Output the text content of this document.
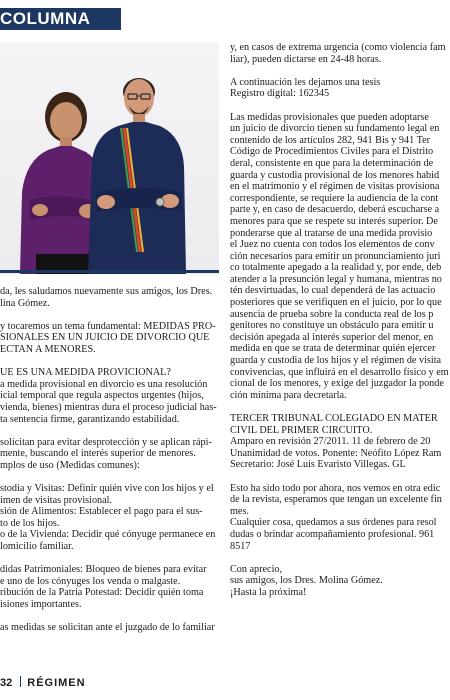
COLUMNA

da, les saludamos nuevamente sus amigos, los Dres.
lina Gómez.

y tocaremos un tema fundamental: MEDIDAS PRO-
SIONALES EN UN JUICIO DE DIVORCIO QUE
ECTAN A MENORES.

UE ES UNA MEDIDA PROVICIONAL?
a medida provisional en divorcio es una resolución
icial temporal que regula aspectos urgentes (hijos,
vienda, bienes) mientras dura el proceso judicial has-
ta sentencia firme, garantizando estabilidad.

solicitan para evitar desprotección y se aplican rápi-
mente, buscando el interés superior de menores.
mplos de uso (Medidas comunes):

stodia y Visitas: Definir quién vive con los hijos y el
imen de visitas provisional.
sión de Alimentos: Establecer el pago para el sus-
to de los hijos.
o de la Vivienda: Decidir qué cónyuge permanece en
lomicilio familiar.

didas Patrimoniales: Bloqueo de bienes para evitar
e uno de los cónyuges los venda o malgaste.
ribución de la Patria Potestad: Decidir quién toma
isiones importantes.

as medidas se solicitan ante el juzgado de lo familiar

y, en casos de extrema urgencia (como violencia fam
liar), pueden dictarse en 24-48 horas.

A continuación les dejamos una tesis
Registro digital: 162345

Las medidas provisionales que pueden adoptarse
un juicio de divorcio tienen su fundamento legal en
contenido de los artículos 282, 941 Bis y 941 Ter
Código de Procedimientos Civiles para el Distrito
deral, consistente en que para la determinación de
guarda y custodia provisional de los menores habid
en el matrimonio y el régimen de visitas provisiona
correspondiente, se requiere la audiencia de la cont
parte y, en caso de desacuerdo, deberá escucharse a
menores para que se respete su interés superior. De
ponderarse que al tratarse de una medida provisio
el Juez no cuenta con todos los elementos de conv
ción necesarios para emitir un pronunciamiento juri
co totalmente apegado a la realidad y, por ende, deb
atender a la presunción legal y humana, mientras no
tén desvirtuadas, lo cual dependerá de las actuacio
posteriores que se verifiquen en el juicio, por lo que
ausencia de prueba sobre la conducta real de los p
genitores no constituye un obstáculo para emitir u
decisión apegada al interés superior del menor, en
medida en que se trata de determinar quién ejercer
guarda y custodia de los hijos y el régimen de visita
convivencias, que influirá en el desarrollo físico y em
cional de los menores, y exige del juzgador la ponde
ción mínima para decretarla.

TERCER TRIBUNAL COLEGIADO EN MATER
CIVIL DEL PRIMER CIRCUITO.
Amparo en revisión 27/2011. 11 de febrero de 20
Unanimidad de votos. Ponente: Neófito López Ram
Secretario: José Luis Evaristo Villegas. GL

Esto ha sido todo por ahora, nos vemos en otra edic
de la revista, esperamos que tengan un excelente fin
mes.
Cualquier cosa, quedamos a sus órdenes para resol
dudas o brindar acompañamiento profesional. 961
8517

Con aprecio,
sus amigos, los Dres. Molina Gómez.
¡Hasta la próxima!

32 RÉGIMEN
